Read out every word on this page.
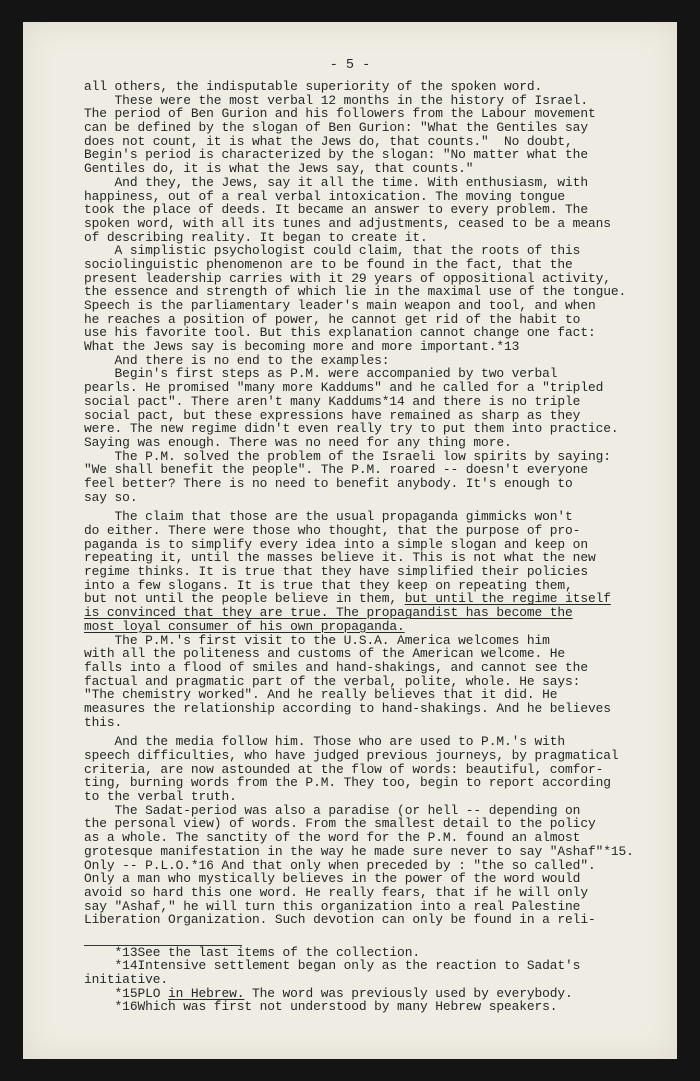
- 5 -
all others, the indisputable superiority of the spoken word.
These were the most verbal 12 months in the history of Israel.
The period of Ben Gurion and his followers from the Labour movement
can be defined by the slogan of Ben Gurion: "What the Gentiles say
does not count, it is what the Jews do, that counts."  No doubt,
Begin's period is characterized by the slogan: "No matter what the
Gentiles do, it is what the Jews say, that counts."
And they, the Jews, say it all the time. With enthusiasm, with
happiness, out of a real verbal intoxication. The moving tongue
took the place of deeds. It became an answer to every problem. The
spoken word, with all its tunes and adjustments, ceased to be a means
of describing reality. It began to create it.
A simplistic psychologist could claim, that the roots of this
sociolinguistic phenomenon are to be found in the fact, that the
present leadership carries with it 29 years of oppositional activity,
the essence and strength of which lie in the maximal use of the tongue.
Speech is the parliamentary leader's main weapon and tool, and when
he reaches a position of power, he cannot get rid of the habit to
use his favorite tool. But this explanation cannot change one fact:
What the Jews say is becoming more and more important.*13
And there is no end to the examples:
Begin's first steps as P.M. were accompanied by two verbal
pearls. He promised "many more Kaddums" and he called for a "tripled
social pact". There aren't many Kaddums*14 and there is no triple
social pact, but these expressions have remained as sharp as they
were. The new regime didn't even really try to put them into practice.
Saying was enough. There was no need for any thing more.
The P.M. solved the problem of the Israeli low spirits by saying:
"We shall benefit the people". The P.M. roared -- doesn't everyone
feel better? There is no need to benefit anybody. It's enough to
say so.
The claim that those are the usual propaganda gimmicks won't
do either. There were those who thought, that the purpose of pro-
paganda is to simplify every idea into a simple slogan and keep on
repeating it, until the masses believe it. This is not what the new
regime thinks. It is true that they have simplified their policies
into a few slogans. It is true that they keep on repeating them,
but not until the people believe in them, but until the regime itself
is convinced that they are true. The propagandist has become the
most loyal consumer of his own propaganda.
The P.M.'s first visit to the U.S.A. America welcomes him
with all the politeness and customs of the American welcome. He
falls into a flood of smiles and hand-shakings, and cannot see the
factual and pragmatic part of the verbal, polite, whole. He says:
"The chemistry worked". And he really believes that it did. He
measures the relationship according to hand-shakings. And he believes
this.
And the media follow him. Those who are used to P.M.'s with
speech difficulties, who have judged previous journeys, by pragmatical
criteria, are now astounded at the flow of words: beautiful, comfor-
ting, burning words from the P.M. They too, begin to report according
to the verbal truth.
The Sadat-period was also a paradise (or hell -- depending on
the personal view) of words. From the smallest detail to the policy
as a whole. The sanctity of the word for the P.M. found an almost
grotesque manifestation in the way he made sure never to say "Ashaf"*15.
Only -- P.L.O.*16 And that only when preceded by : "the so called".
Only a man who mystically believes in the power of the word would
avoid so hard this one word. He really fears, that if he will only
say "Ashaf," he will turn this organization into a real Palestine
Liberation Organization. Such devotion can only be found in a reli-
*13See the last items of the collection.
*14Intensive settlement began only as the reaction to Sadat's
initiative.
*15PLO in Hebrew. The word was previously used by everybody.
*16Which was first not understood by many Hebrew speakers.
